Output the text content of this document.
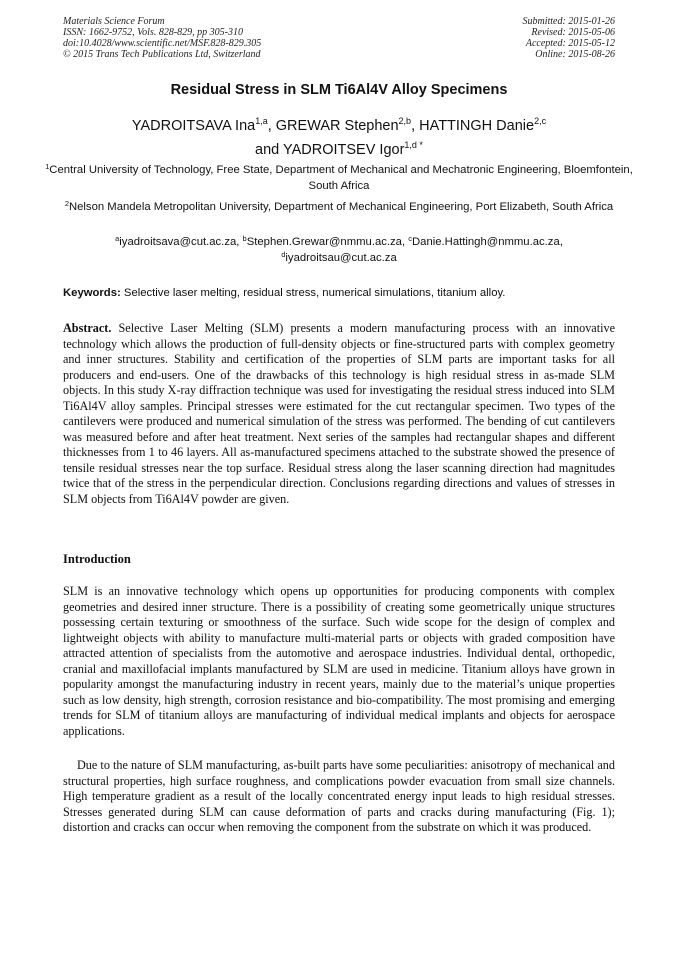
Materials Science Forum
ISSN: 1662-9752, Vols. 828-829, pp 305-310
doi:10.4028/www.scientific.net/MSF.828-829.305
© 2015 Trans Tech Publications Ltd, Switzerland
Submitted: 2015-01-26
Revised: 2015-05-06
Accepted: 2015-05-12
Online: 2015-08-26
Residual Stress in SLM Ti6Al4V Alloy Specimens
YADROITSAVA Ina$^{1,a}$, GREWAR Stephen$^{2,b}$, HATTINGH Danie$^{2,c}$
and YADROITSEV Igor$^{1,d *}$
$^1$Central University of Technology, Free State, Department of Mechanical and Mechatronic Engineering, Bloemfontein, South Africa
$^2$Nelson Mandela Metropolitan University, Department of Mechanical Engineering, Port Elizabeth, South Africa
$^a$iyadroitsava@cut.ac.za, $^b$Stephen.Grewar@nmmu.ac.za, $^c$Danie.Hattingh@nmmu.ac.za,
$^d$iyadroitsau@cut.ac.za
Keywords: Selective laser melting, residual stress, numerical simulations, titanium alloy.
Abstract. Selective Laser Melting (SLM) presents a modern manufacturing process with an innovative technology which allows the production of full-density objects or fine-structured parts with complex geometry and inner structures. Stability and certification of the properties of SLM parts are important tasks for all producers and end-users. One of the drawbacks of this technology is high residual stress in as-made SLM objects. In this study X-ray diffraction technique was used for investigating the residual stress induced into SLM Ti6Al4V alloy samples. Principal stresses were estimated for the cut rectangular specimen. Two types of the cantilevers were produced and numerical simulation of the stress was performed. The bending of cut cantilevers was measured before and after heat treatment. Next series of the samples had rectangular shapes and different thicknesses from 1 to 46 layers. All as-manufactured specimens attached to the substrate showed the presence of tensile residual stresses near the top surface. Residual stress along the laser scanning direction had magnitudes twice that of the stress in the perpendicular direction. Conclusions regarding directions and values of stresses in SLM objects from Ti6Al4V powder are given.
Introduction
SLM is an innovative technology which opens up opportunities for producing components with complex geometries and desired inner structure. There is a possibility of creating some geometrically unique structures possessing certain texturing or smoothness of the surface. Such wide scope for the design of complex and lightweight objects with ability to manufacture multi-material parts or objects with graded composition have attracted attention of specialists from the automotive and aerospace industries. Individual dental, orthopedic, cranial and maxillofacial implants manufactured by SLM are used in medicine. Titanium alloys have grown in popularity amongst the manufacturing industry in recent years, mainly due to the material’s unique properties such as low density, high strength, corrosion resistance and bio-compatibility. The most promising and emerging trends for SLM of titanium alloys are manufacturing of individual medical implants and objects for aerospace applications.
Due to the nature of SLM manufacturing, as-built parts have some peculiarities: anisotropy of mechanical and structural properties, high surface roughness, and complications powder evacuation from small size channels. High temperature gradient as a result of the locally concentrated energy input leads to high residual stresses. Stresses generated during SLM can cause deformation of parts and cracks during manufacturing (Fig. 1); distortion and cracks can occur when removing the component from the substrate on which it was produced.
